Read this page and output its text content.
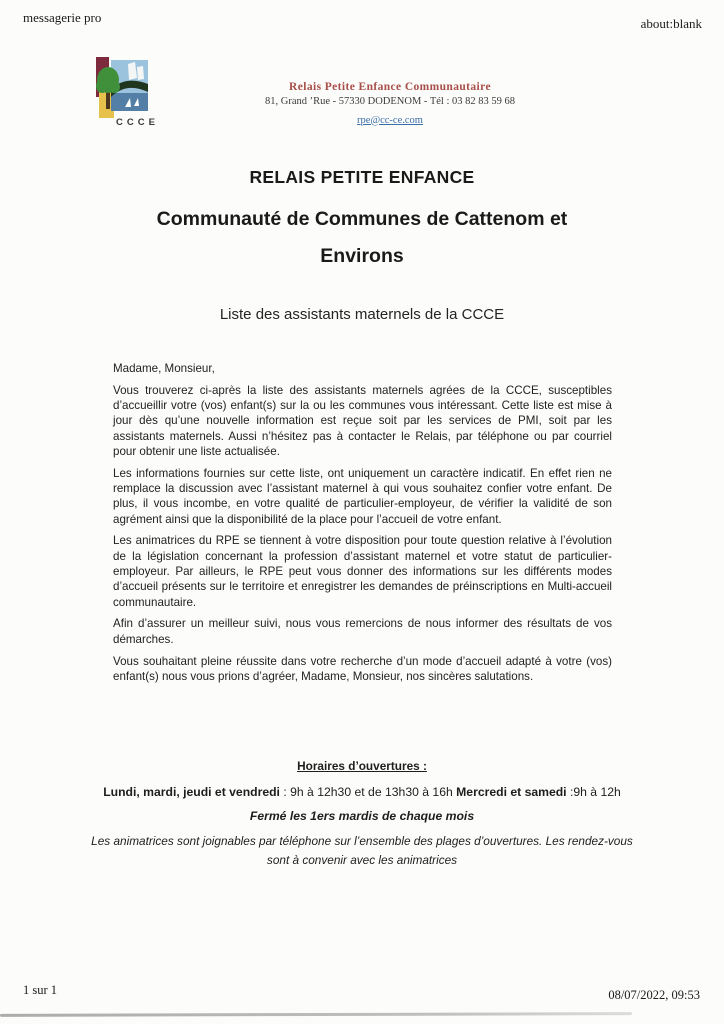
messagerie pro	about:blank
CCCE
Relais Petite Enfance Communautaire
81, Grand ’Rue - 57330 DODENOM - Tél : 03 82 83 59 68
rpe@cc-ce.com
RELAIS PETITE ENFANCE
Communauté de Communes de Cattenom et Environs
Liste des assistants maternels de la CCCE

Madame, Monsieur,

Vous trouverez ci-après la liste des assistants maternels agrées de la CCCE, susceptibles d’accueillir votre (vos) enfant(s) sur la ou les communes vous intéressant. Cette liste est mise à jour dès qu’une nouvelle information est reçue soit par les services de PMI, soit par les assistants maternels. Aussi n’hésitez pas à contacter le Relais, par téléphone ou par courriel pour obtenir une liste actualisée.

Les informations fournies sur cette liste, ont uniquement un caractère indicatif. En effet rien ne remplace la discussion avec l’assistant maternel à qui vous souhaitez confier votre enfant. De plus, il vous incombe, en votre qualité de particulier-employeur, de vérifier la validité de son agrément ainsi que la disponibilité de la place pour l’accueil de votre enfant.

Les animatrices du RPE se tiennent à votre disposition pour toute question relative à l’évolution de la législation concernant la profession d’assistant maternel et votre statut de particulier-employeur. Par ailleurs, le RPE peut vous donner des informations sur les différents modes d’accueil présents sur le territoire et enregistrer les demandes de préinscriptions en Multi-accueil communautaire.

Afin d’assurer un meilleur suivi, nous vous remercions de nous informer des résultats de vos démarches.

Vous souhaitant pleine réussite dans votre recherche d’un mode d’accueil adapté à votre (vos) enfant(s) nous vous prions d’agréer, Madame, Monsieur, nos sincères salutations.

Horaires d’ouvertures :
Lundi, mardi, jeudi et vendredi : 9h à 12h30 et de 13h30 à 16h Mercredi et samedi :9h à 12h
Fermé les 1ers mardis de chaque mois
Les animatrices sont joignables par téléphone sur l’ensemble des plages d’ouvertures. Les rendez-vous sont à convenir avec les animatrices
1 sur 1	08/07/2022, 09:53
